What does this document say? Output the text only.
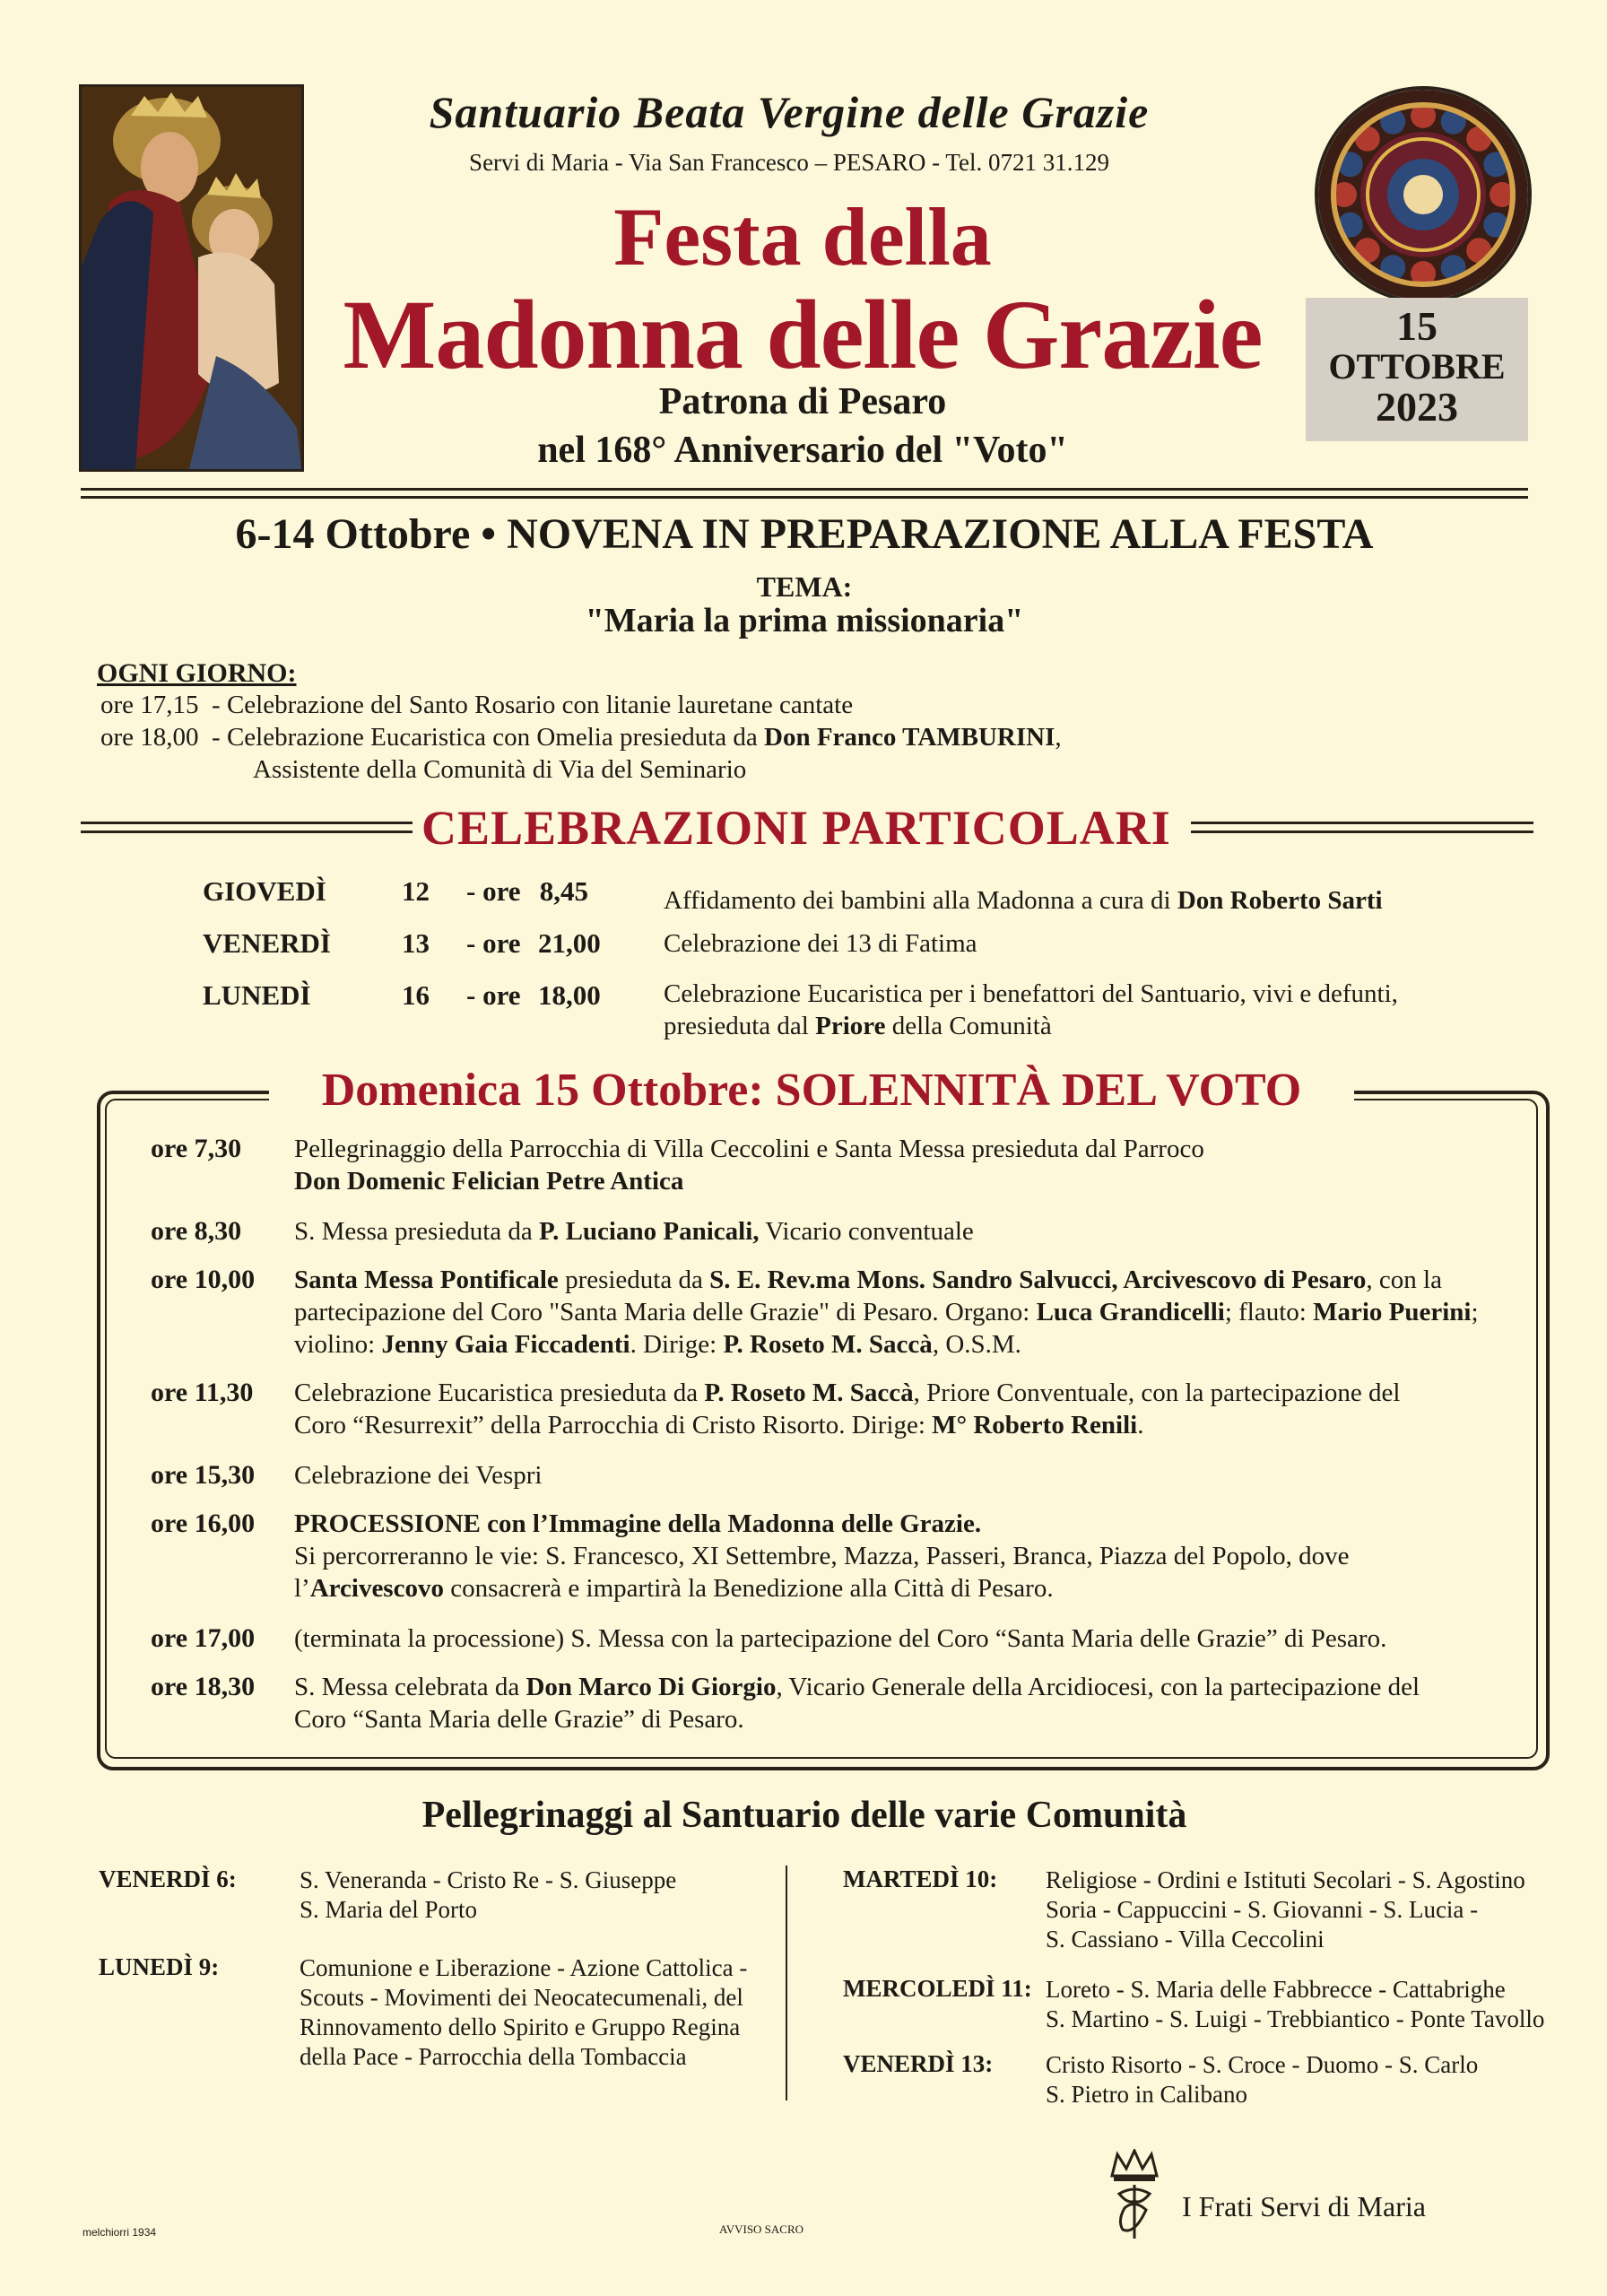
Santuario Beata Vergine delle Grazie
Servi di Maria - Via San Francesco – PESARO - Tel. 0721 31.129
Festa della
Madonna delle Grazie
Patrona di Pesaro
nel 168° Anniversario del "Voto"
15
OTTOBRE
2023
6-14 Ottobre • NOVENA IN PREPARAZIONE ALLA FESTA
TEMA:
"Maria la prima missionaria"
OGNI GIORNO:
ore 17,15 - Celebrazione del Santo Rosario con litanie lauretane cantate
ore 18,00 - Celebrazione Eucaristica con Omelia presieduta da Don Franco TAMBURINI,
Assistente della Comunità di Via del Seminario
CELEBRAZIONI PARTICOLARI
GIOVEDÌ	12 - ore 8,45	Affidamento dei bambini alla Madonna a cura di Don Roberto Sarti
VENERDÌ	13 - ore 21,00 Celebrazione dei 13 di Fatima
LUNEDÌ	16 - ore 18,00 Celebrazione Eucaristica per i benefattori del Santuario, vivi e defunti,
presieduta dal Priore della Comunità
Domenica 15 Ottobre: SOLENNITÀ DEL VOTO
ore 7,30 Pellegrinaggio della Parrocchia di Villa Ceccolini e Santa Messa presieduta dal Parroco
Don Domenic Felician Petre Antica
ore 8,30 S. Messa presieduta da P. Luciano Panicali, Vicario conventuale
ore 10,00 Santa Messa Pontificale presieduta da S. E. Rev.ma Mons. Sandro Salvucci, Arcivescovo di Pesaro, con la
partecipazione del Coro "Santa Maria delle Grazie" di Pesaro. Organo: Luca Grandicelli; flauto: Mario Puerini;
violino: Jenny Gaia Ficcadenti. Dirige: P. Roseto M. Saccà, O.S.M.
ore 11,30 Celebrazione Eucaristica presieduta da P. Roseto M. Saccà, Priore Conventuale, con la partecipazione del
Coro “Resurrexit” della Parrocchia di Cristo Risorto. Dirige: M° Roberto Renili.
ore 15,30 Celebrazione dei Vespri
ore 16,00 PROCESSIONE con l’Immagine della Madonna delle Grazie.
Si percorreranno le vie: S. Francesco, XI Settembre, Mazza, Passeri, Branca, Piazza del Popolo, dove
l’Arcivescovo consacrerà e impartirà la Benedizione alla Città di Pesaro.
ore 17,00 (terminata la processione) S. Messa con la partecipazione del Coro “Santa Maria delle Grazie” di Pesaro.
ore 18,30 S. Messa celebrata da Don Marco Di Giorgio, Vicario Generale della Arcidiocesi, con la partecipazione del
Coro “Santa Maria delle Grazie” di Pesaro.
Pellegrinaggi al Santuario delle varie Comunità
VENERDÌ 6:	S. Veneranda - Cristo Re - S. Giuseppe
S. Maria del Porto
LUNEDÌ 9:	Comunione e Liberazione - Azione Cattolica -
Scouts - Movimenti dei Neocatecumenali, del
Rinnovamento dello Spirito e Gruppo Regina
della Pace - Parrocchia della Tombaccia
MARTEDÌ 10: Religiose - Ordini e Istituti Secolari - S. Agostino
Soria - Cappuccini - S. Giovanni - S. Lucia -
S. Cassiano - Villa Ceccolini
MERCOLEDÌ 11: Loreto - S. Maria delle Fabbrecce - Cattabrighe
S. Martino - S. Luigi - Trebbiantico - Ponte Tavollo
VENERDÌ 13: Cristo Risorto - S. Croce - Duomo - S. Carlo
S. Pietro in Calibano
melchiorri 1934	AVVISO SACRO
I Frati Servi di Maria
